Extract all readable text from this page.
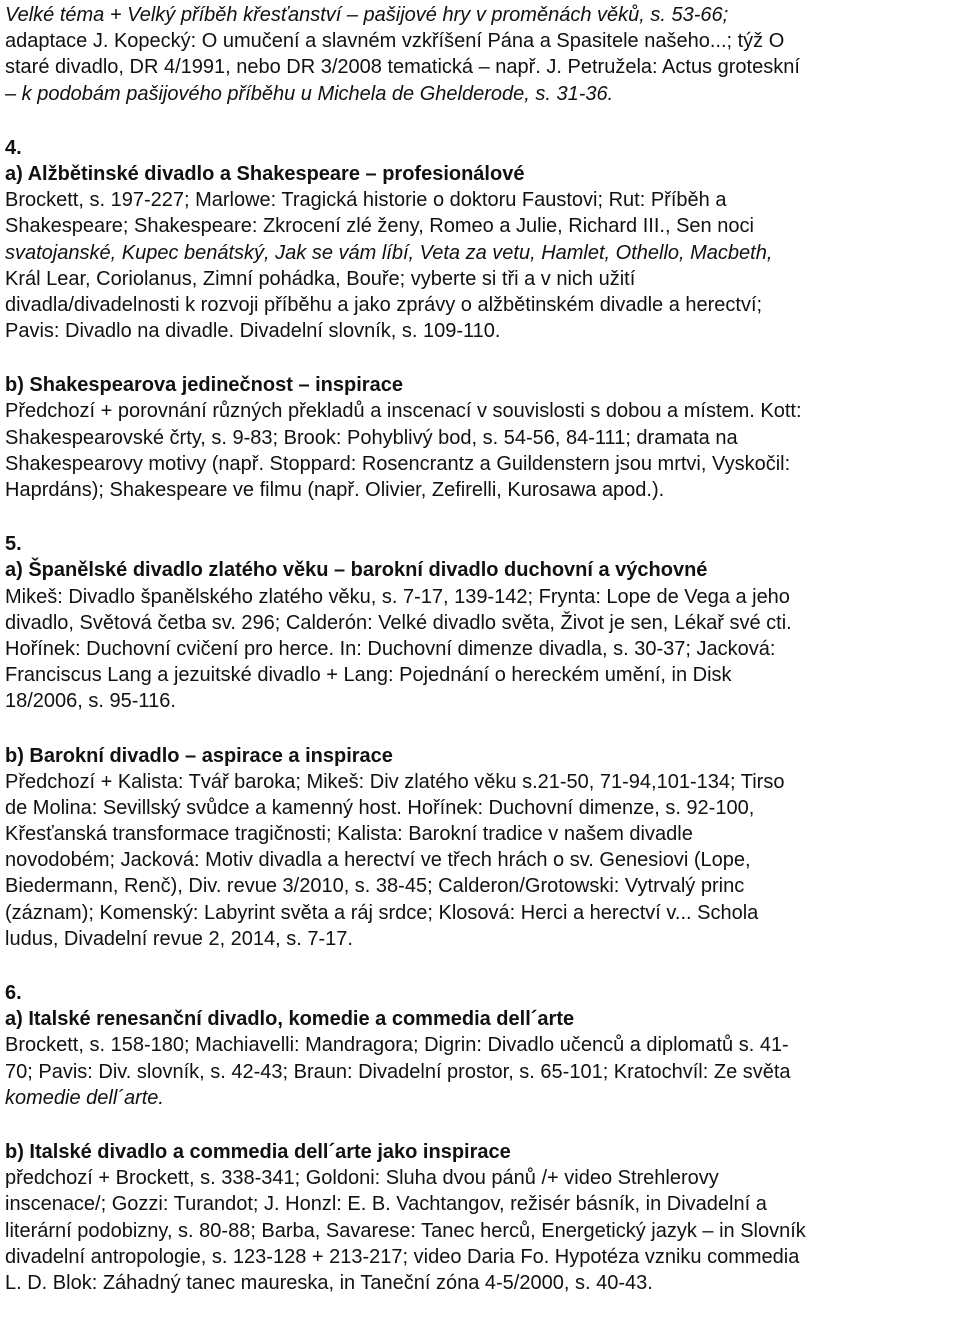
Velké téma + Velký příběh křesťanství – pašijové hry v proměnách věků, s. 53-66;
adaptace J. Kopecký: O umučení a slavném vzkříšení Pána a Spasitele našeho...; týž O
staré divadlo, DR 4/1991, nebo DR 3/2008 tematická – např. J. Petružela: Actus groteskní
– k podobám pašijového příběhu u Michela de Ghelderode, s. 31-36.
4.
a) Alžbětinské divadlo a Shakespeare – profesionálové
Brockett, s. 197-227; Marlowe: Tragická historie o doktoru Faustovi; Rut: Příběh a
Shakespeare; Shakespeare: Zkrocení zlé ženy, Romeo a Julie, Richard III., Sen noci
svatojanské, Kupec benátský, Jak se vám líbí, Veta za vetu, Hamlet, Othello, Macbeth,
Král Lear, Coriolanus, Zimní pohádka, Bouře; vyberte si tři a v nich užití
divadla/divadelnosti k rozvoji příběhu a jako zprávy o alžbětinském divadle a herectví;
Pavis: Divadlo na divadle. Divadelní slovník, s. 109-110.
b) Shakespearova jedinečnost – inspirace
Předchozí + porovnání různých překladů a inscenací v souvislosti s dobou a místem. Kott:
Shakespearovské črty, s. 9-83; Brook: Pohyblivý bod, s. 54-56, 84-111; dramata na
Shakespearovy motivy (např. Stoppard: Rosencrantz a Guildenstern jsou mrtvi, Vyskočil:
Haprdáns); Shakespeare ve filmu (např. Olivier, Zefirelli, Kurosawa apod.).
5.
a) Španělské divadlo zlatého věku – barokní divadlo duchovní a výchovné
Mikeš: Divadlo španělského zlatého věku, s. 7-17, 139-142; Frynta: Lope de Vega a jeho
divadlo, Světová četba sv. 296; Calderón: Velké divadlo světa, Život je sen, Lékař své cti.
Hořínek: Duchovní cvičení pro herce. In: Duchovní dimenze divadla, s. 30-37; Jacková:
Franciscus Lang a jezuitské divadlo + Lang: Pojednání o hereckém umění, in Disk
18/2006, s. 95-116.
b) Barokní divadlo – aspirace a inspirace
Předchozí + Kalista: Tvář baroka; Mikeš: Div zlatého věku s.21-50, 71-94,101-134; Tirso
de Molina: Sevillský svůdce a kamenný host. Hořínek: Duchovní dimenze, s. 92-100,
Křesťanská transformace tragičnosti; Kalista: Barokní tradice v našem divadle
novodobém; Jacková: Motiv divadla a herectví ve třech hrách o sv. Genesiovi (Lope,
Biedermann, Renč), Div. revue 3/2010, s. 38-45; Calderon/Grotowski: Vytrvalý princ
(záznam); Komenský: Labyrint světa a ráj srdce; Klosová: Herci a herectví v... Schola
ludus, Divadelní revue 2, 2014, s. 7-17.
6.
a) Italské renesanční divadlo, komedie a commedia dell´arte
Brockett, s. 158-180; Machiavelli: Mandragora; Digrin: Divadlo učenců a diplomatů s. 41-
70; Pavis: Div. slovník, s. 42-43; Braun: Divadelní prostor, s. 65-101; Kratochvíl: Ze světa
komedie dell´arte.
b) Italské divadlo a commedia dell´arte jako inspirace
předchozí + Brockett, s. 338-341; Goldoni: Sluha dvou pánů /+ video Strehlerovy
inscenace/; Gozzi: Turandot; J. Honzl: E. B. Vachtangov, režisér básník, in Divadelní a
literární podobizny, s. 80-88; Barba, Savarese: Tanec herců, Energetický jazyk – in Slovník
divadelní antropologie, s. 123-128 + 213-217; video Daria Fo. Hypotéza vzniku commedia
L. D. Blok: Záhadný tanec maureska, in Taneční zóna 4-5/2000, s. 40-43.
